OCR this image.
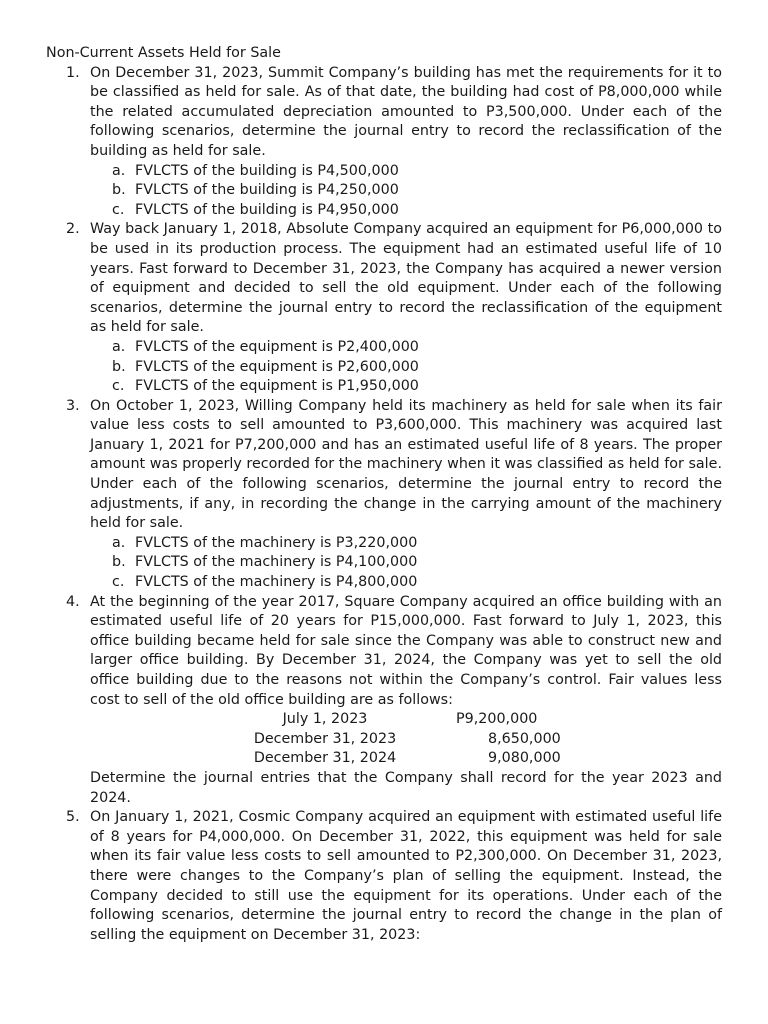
Non-Current Assets Held for Sale
1. On December 31, 2023, Summit Company’s building has met the requirements for it to be classified as held for sale. As of that date, the building had cost of P8,000,000 while the related accumulated depreciation amounted to P3,500,000. Under each of the following scenarios, determine the journal entry to record the reclassification of the building as held for sale.
a. FVLCTS of the building is P4,500,000
b. FVLCTS of the building is P4,250,000
c. FVLCTS of the building is P4,950,000
2. Way back January 1, 2018, Absolute Company acquired an equipment for P6,000,000 to be used in its production process. The equipment had an estimated useful life of 10 years. Fast forward to December 31, 2023, the Company has acquired a newer version of equipment and decided to sell the old equipment. Under each of the following scenarios, determine the journal entry to record the reclassification of the equipment as held for sale.
a. FVLCTS of the equipment is P2,400,000
b. FVLCTS of the equipment is P2,600,000
c. FVLCTS of the equipment is P1,950,000
3. On October 1, 2023, Willing Company held its machinery as held for sale when its fair value less costs to sell amounted to P3,600,000. This machinery was acquired last January 1, 2021 for P7,200,000 and has an estimated useful life of 8 years. The proper amount was properly recorded for the machinery when it was classified as held for sale. Under each of the following scenarios, determine the journal entry to record the adjustments, if any, in recording the change in the carrying amount of the machinery held for sale.
a. FVLCTS of the machinery is P3,220,000
b. FVLCTS of the machinery is P4,100,000
c. FVLCTS of the machinery is P4,800,000
4. At the beginning of the year 2017, Square Company acquired an office building with an estimated useful life of 20 years for P15,000,000. Fast forward to July 1, 2023, this office building became held for sale since the Company was able to construct new and larger office building. By December 31, 2024, the Company was yet to sell the old office building due to the reasons not within the Company’s control. Fair values less cost to sell of the old office building are as follows:
July 1, 2023	P9,200,000
December 31, 2023	8,650,000
December 31, 2024	9,080,000
Determine the journal entries that the Company shall record for the year 2023 and 2024.
5. On January 1, 2021, Cosmic Company acquired an equipment with estimated useful life of 8 years for P4,000,000. On December 31, 2022, this equipment was held for sale when its fair value less costs to sell amounted to P2,300,000. On December 31, 2023, there were changes to the Company’s plan of selling the equipment. Instead, the Company decided to still use the equipment for its operations. Under each of the following scenarios, determine the journal entry to record the change in the plan of selling the equipment on December 31, 2023:
